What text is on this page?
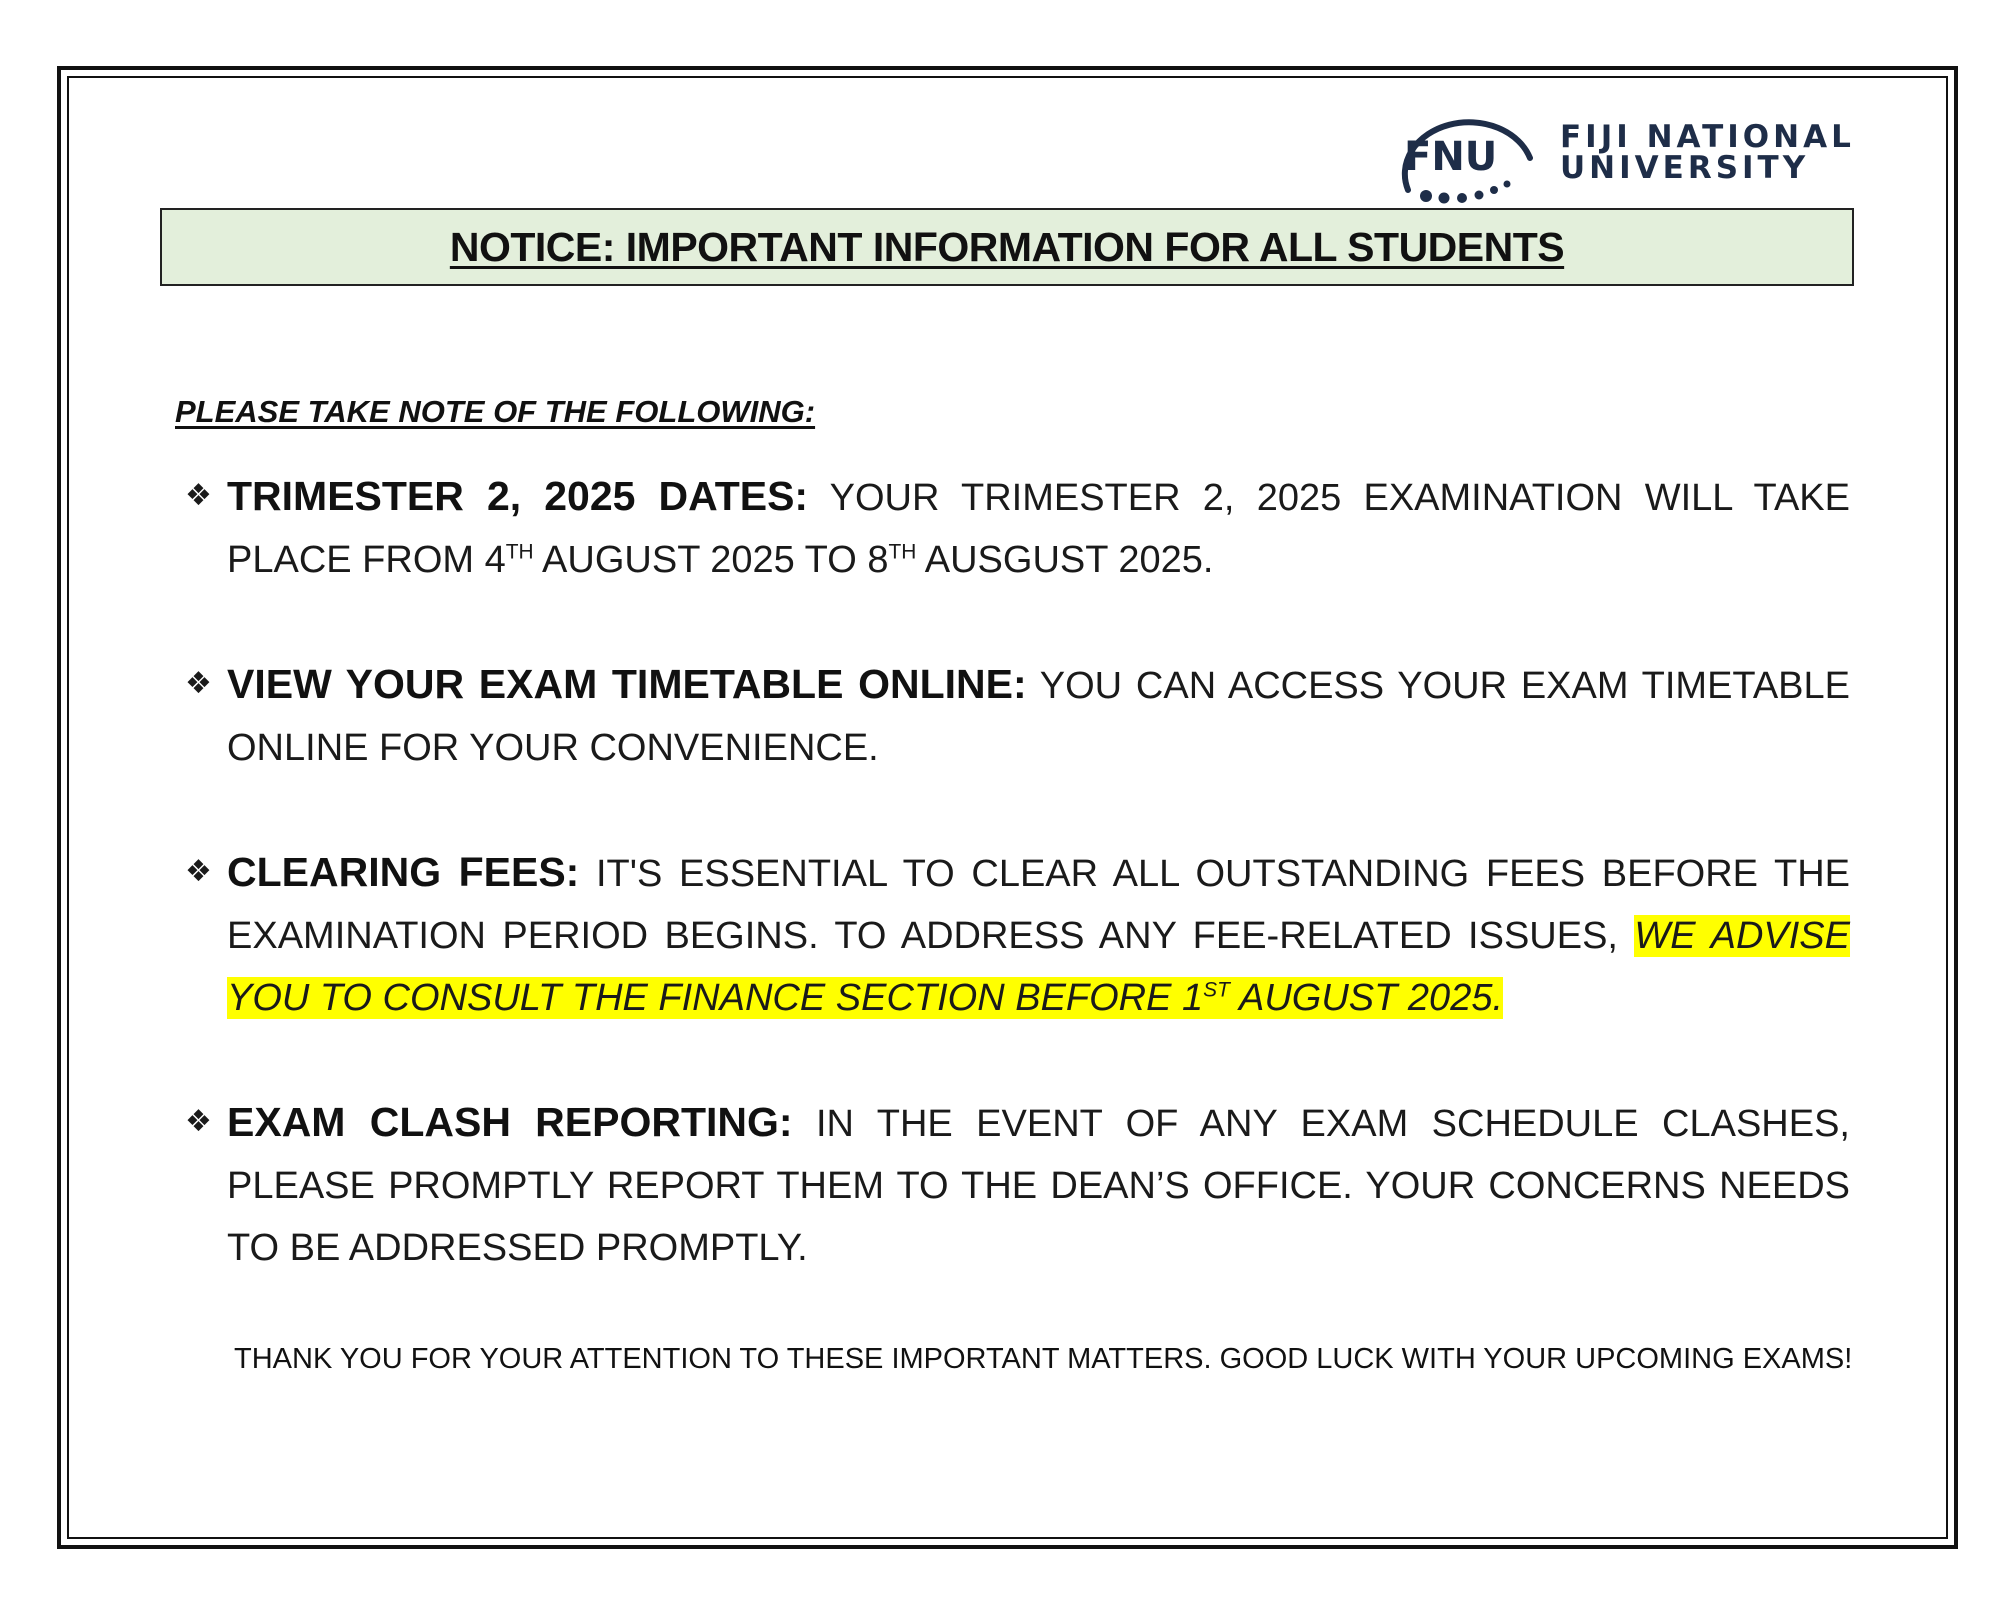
FNU FIJI NATIONAL
UNIVERSITY
NOTICE: IMPORTANT INFORMATION FOR ALL STUDENTS
PLEASE TAKE NOTE OF THE FOLLOWING:
❖ TRIMESTER 2, 2025 DATES: YOUR TRIMESTER 2, 2025 EXAMINATION WILL TAKE PLACE FROM 4TH AUGUST 2025 TO 8TH AUSGUST 2025.
❖ VIEW YOUR EXAM TIMETABLE ONLINE: YOU CAN ACCESS YOUR EXAM TIMETABLE ONLINE FOR YOUR CONVENIENCE.
❖ CLEARING FEES: IT'S ESSENTIAL TO CLEAR ALL OUTSTANDING FEES BEFORE THE EXAMINATION PERIOD BEGINS. TO ADDRESS ANY FEE-RELATED ISSUES, WE ADVISE YOU TO CONSULT THE FINANCE SECTION BEFORE 1ST AUGUST 2025.
❖ EXAM CLASH REPORTING: IN THE EVENT OF ANY EXAM SCHEDULE CLASHES, PLEASE PROMPTLY REPORT THEM TO THE DEAN’S OFFICE. YOUR CONCERNS NEEDS TO BE ADDRESSED PROMPTLY.
THANK YOU FOR YOUR ATTENTION TO THESE IMPORTANT MATTERS. GOOD LUCK WITH YOUR UPCOMING EXAMS!
